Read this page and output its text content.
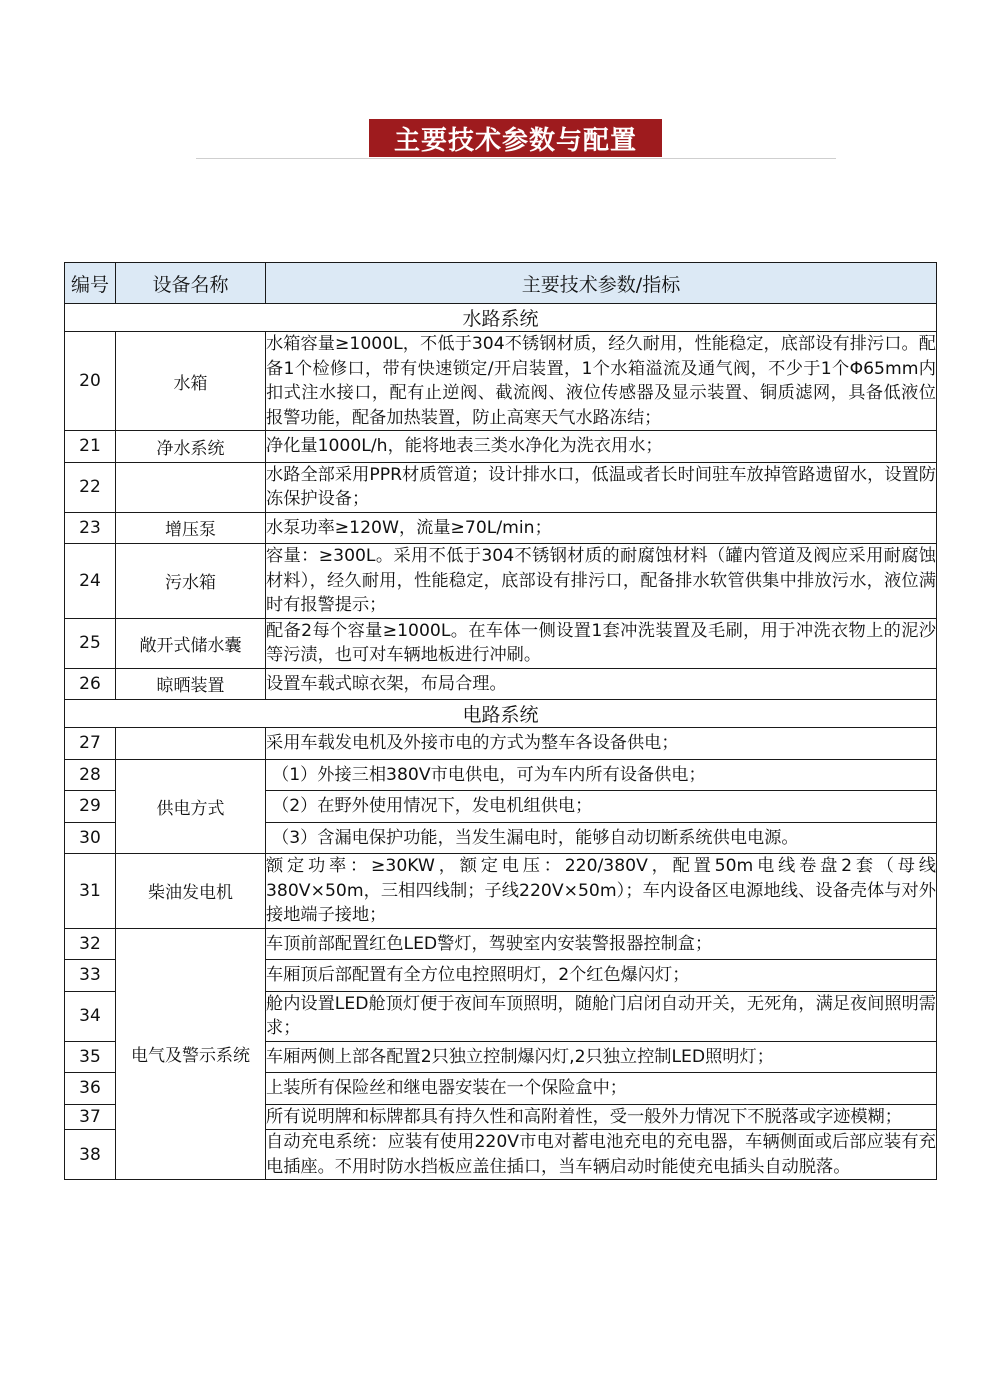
主要技术参数与配置
编号	设备名称	主要技术参数/指标
水路系统		
20	水箱	水箱容量≥1000L，不低于304不锈钢材质，经久耐用，性能稳定，底部设有排污口。配备1个检修口，带有快速锁定/开启装置，1个水箱溢流及通气阀，不少于1个Φ65mm内扣式注水接口，配有止逆阀、截流阀、液位传感器及显示装置、铜质滤网，具备低液位报警功能，配备加热装置，防止高寒天气水路冻结；
21	净水系统	净化量1000L/h，能将地表三类水净化为洗衣用水；
22		水路全部采用PPR材质管道；设计排水口，低温或者长时间驻车放掉管路遗留水，设置防冻保护设备；
23	增压泵	水泵功率≥120W，流量≥70L/min；
24	污水箱	容量：≥300L。采用不低于304不锈钢材质的耐腐蚀材料（罐内管道及阀应采用耐腐蚀材料），经久耐用，性能稳定，底部设有排污口，配备排水软管供集中排放污水，液位满时有报警提示；
25	敞开式储水囊	配备2每个容量≥1000L。在车体一侧设置1套冲洗装置及毛刷，用于冲洗衣物上的泥沙等污渍，也可对车辆地板进行冲刷。
26	晾晒装置	设置车载式晾衣架，布局合理。
电路系统		
27		采用车载发电机及外接市电的方式为整车各设备供电；
28	供电方式	（1）外接三相380V市电供电，可为车内所有设备供电；
29		（2）在野外使用情况下，发电机组供电；
30		（3）含漏电保护功能，当发生漏电时，能够自动切断系统供电电源。
31	柴油发电机	额定功率：≥30KW，额定电压：220/380V，配置50m电线卷盘2套（母线380V×50m，三相四线制；子线220V×50m）；车内设备区电源地线、设备壳体与对外接地端子接地；
32	电气及警示系统	车顶前部配置红色LED警灯，驾驶室内安装警报器控制盒；
33		车厢顶后部配置有全方位电控照明灯，2个红色爆闪灯；
34		舱内设置LED舱顶灯便于夜间车顶照明，随舱门启闭自动开关，无死角，满足夜间照明需求；
35		车厢两侧上部各配置2只独立控制爆闪灯,2只独立控制LED照明灯；
36		上装所有保险丝和继电器安装在一个保险盒中；
37		所有说明牌和标牌都具有持久性和高附着性，受一般外力情况下不脱落或字迹模糊；
38		自动充电系统：应装有使用220V市电对蓄电池充电的充电器，车辆侧面或后部应装有充电插座。不用时防水挡板应盖住插口，当车辆启动时能使充电插头自动脱落。
